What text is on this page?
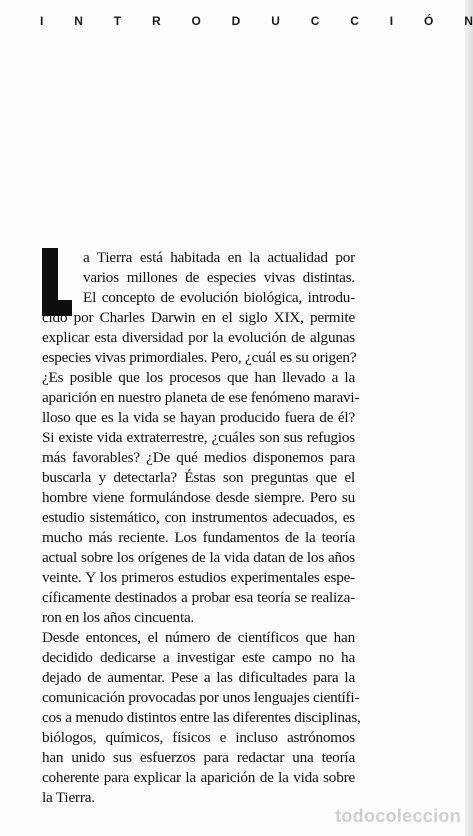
I	N	T	R	O	D	U	C	C	I	Ó	N
a Tierra está habitada en la actualidad por
varios millones de especies vivas distintas.
El concepto de evolución biológica, introdu-
cido por Charles Darwin en el siglo XIX, permite
explicar esta diversidad por la evolución de algunas
especies vivas primordiales. Pero, ¿cuál es su origen?
¿Es posible que los procesos que han llevado a la
aparición en nuestro planeta de ese fenómeno maravi-
lloso que es la vida se hayan producido fuera de él?
Si existe vida extraterrestre, ¿cuáles son sus refugios
más favorables? ¿De qué medios disponemos para
buscarla y detectarla? Éstas son preguntas que el
hombre viene formulándose desde siempre. Pero su
estudio sistemático, con instrumentos adecuados, es
mucho más reciente. Los fundamentos de la teoría
actual sobre los orígenes de la vida datan de los años
veinte. Y los primeros estudios experimentales espe-
cíficamente destinados a probar esa teoría se realiza-
ron en los años cincuenta.
Desde entonces, el número de científicos que han
decidido dedicarse a investigar este campo no ha
dejado de aumentar. Pese a las dificultades para la
comunicación provocadas por unos lenguajes científi-
cos a menudo distintos entre las diferentes disciplinas,
biólogos, químicos, físicos e incluso astrónomos
han unido sus esfuerzos para redactar una teoría
coherente para explicar la aparición de la vida sobre
la Tierra.
todocoleccion
